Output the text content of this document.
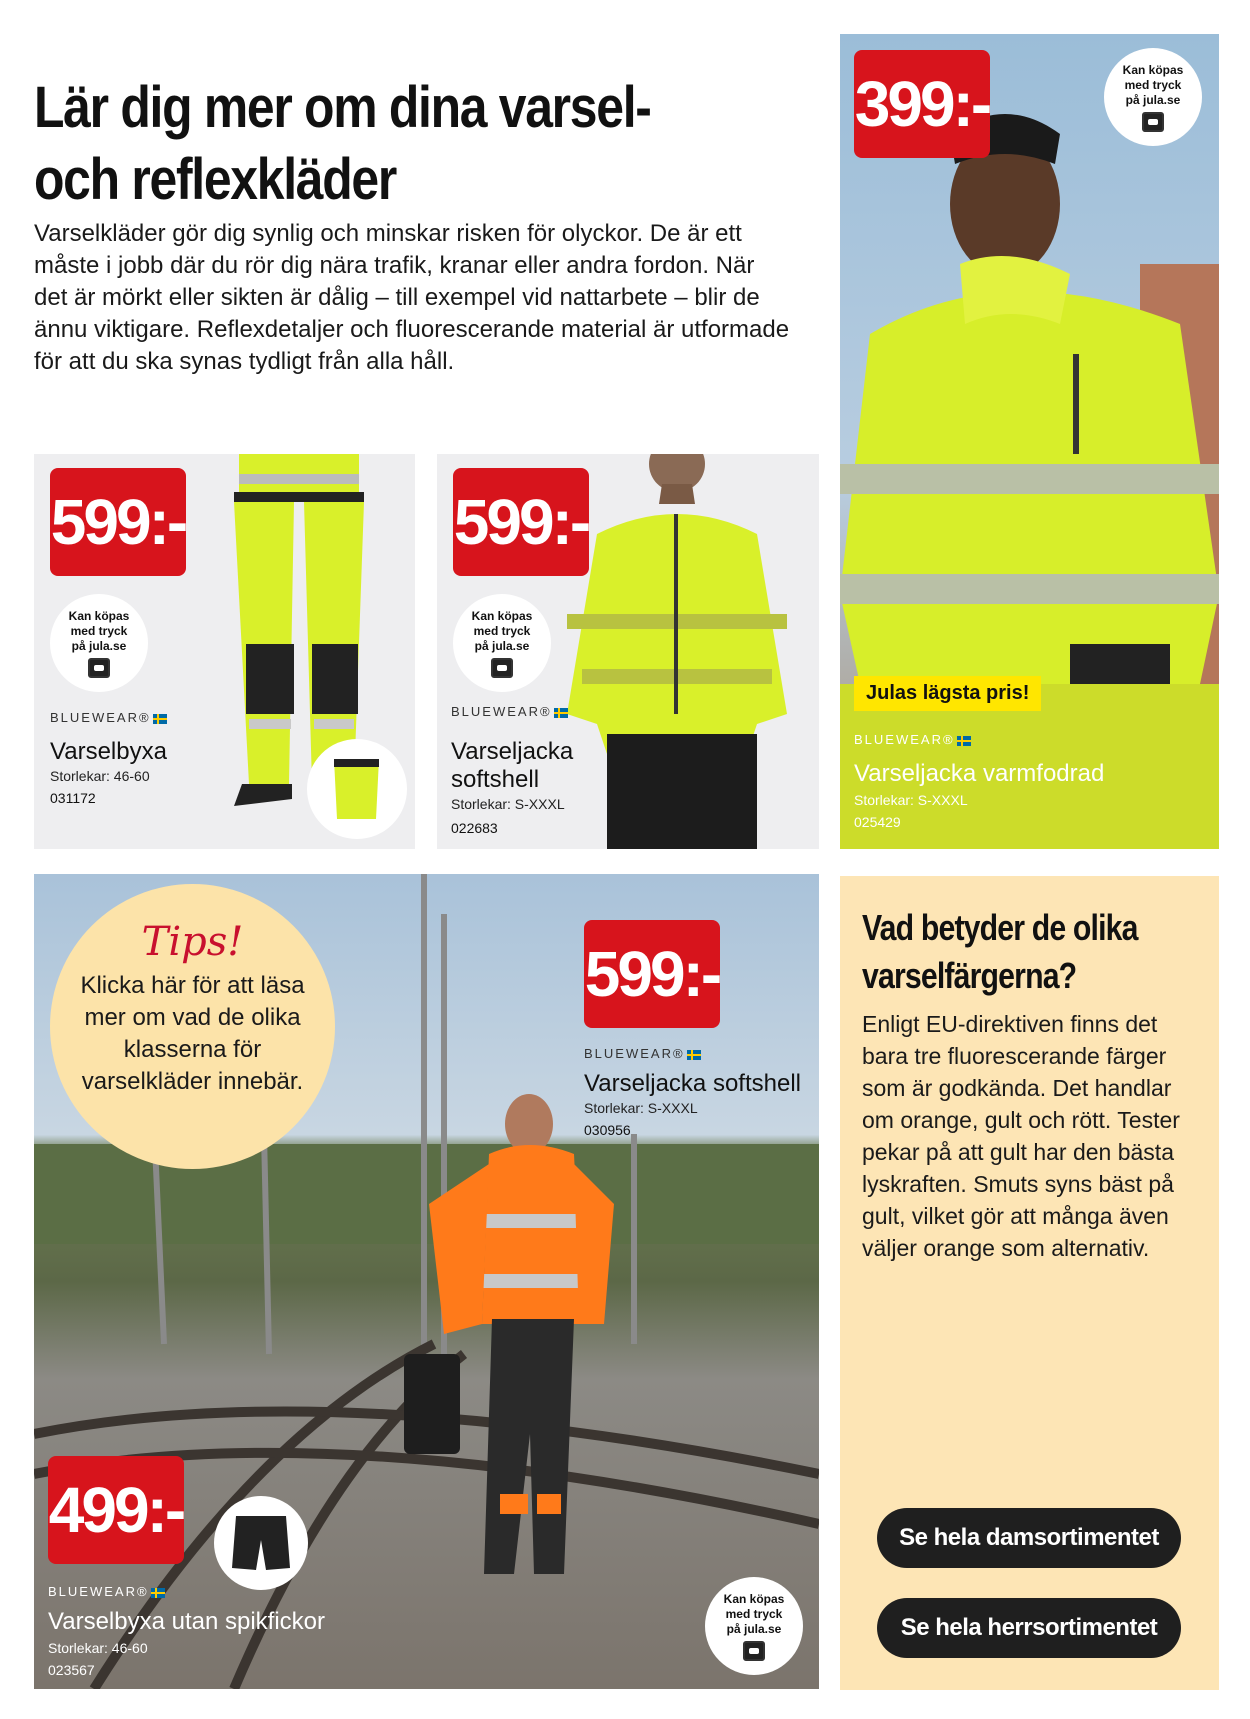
Lär dig mer om dina varsel-
och reflexkläder

Varselkläder gör dig synlig och minskar risken för olyckor. De är ett måste i jobb där du rör dig nära trafik, kranar eller andra fordon. När det är mörkt eller sikten är dålig – till exempel vid nattarbete – blir de ännu viktigare. Reflexdetaljer och fluorescerande material är utformade för att du ska synas tydligt från alla håll.

599:-
Kan köpas
med tryck
på jula.se
BLUEWEAR®
Varselbyxa
Storlekar: 46-60
031172
599:-
Kan köpas
med tryck
på jula.se
BLUEWEAR®
Varseljacka
softshell
Storlekar: S-XXXL
022683
399:-	Kan köpas
med tryck
på jula.se
Julas lägsta pris!
BLUEWEAR®
Varseljacka varmfodrad
Storlekar: S-XXXL
025429
Tips!
Klicka här för att läsa mer om vad de olika klasserna för varselkläder innebär.
599:-
BLUEWEAR®
Varseljacka softshell
Storlekar: S-XXXL
030956
499:-
BLUEWEAR®
Varselbyxa utan spikfickor
Storlekar: 46-60
023567
Kan köpas
med tryck
på jula.se
Vad betyder de olika varselfärgerna?

Enligt EU-direktiven finns det bara tre fluorescerande färger som är godkända. Det handlar om orange, gult och rött. Tester pekar på att gult har den bästa lyskraften. Smuts syns bäst på gult, vilket gör att många även väljer orange som alternativ.

Se hela damsortimentet
Se hela herrsortimentet
